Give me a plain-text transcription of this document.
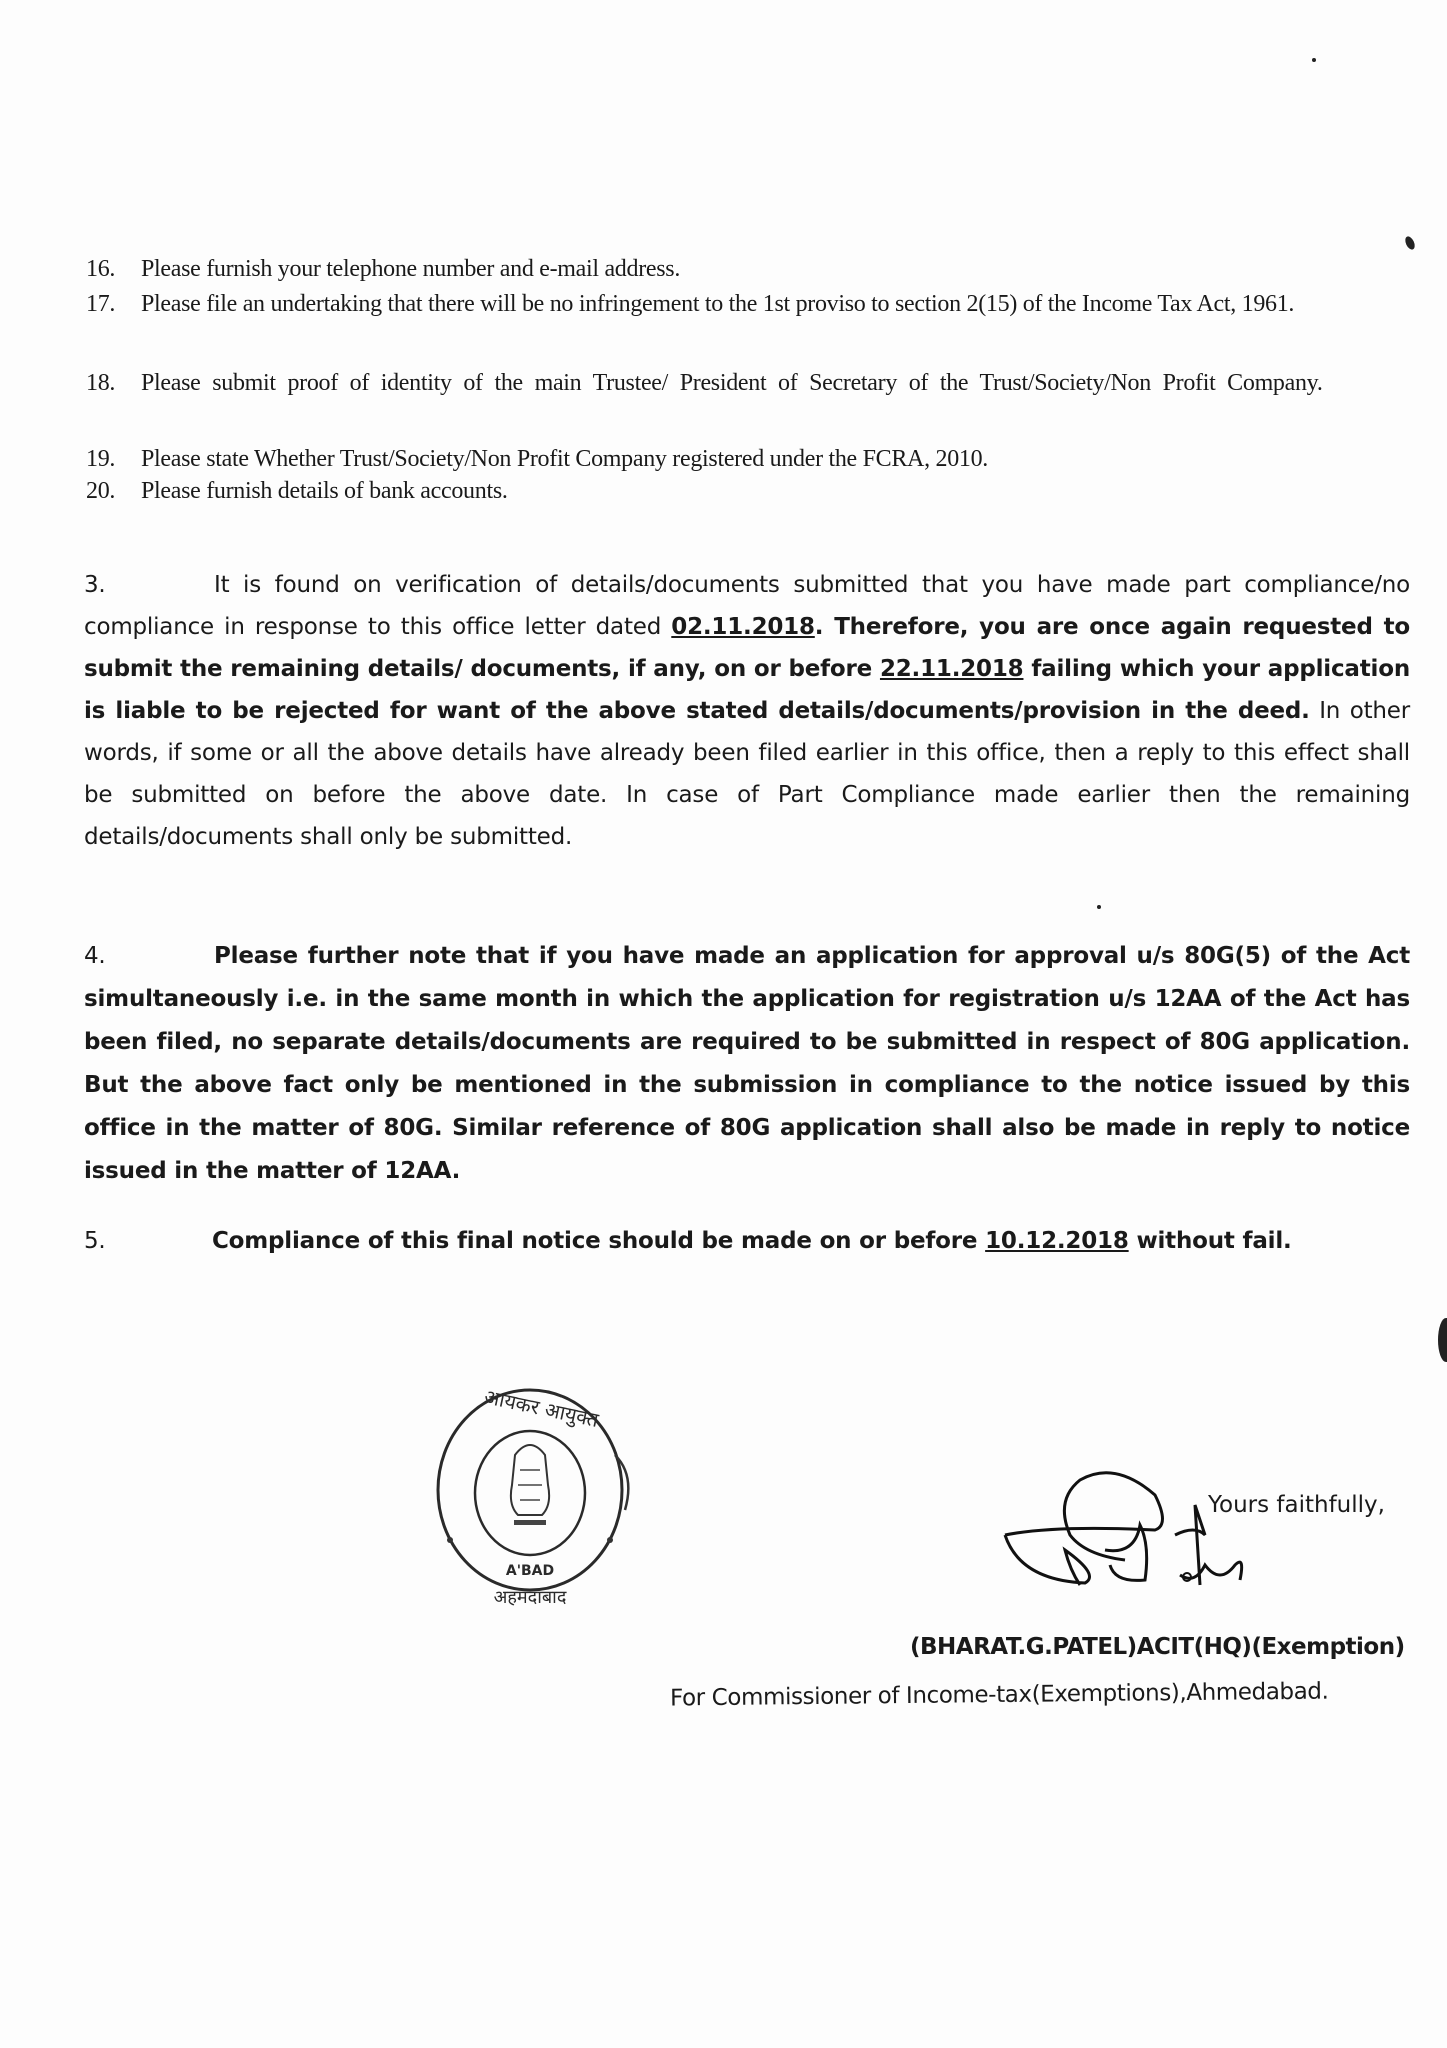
16.	Please furnish your telephone number and e-mail address.
17.	Please file an undertaking that there will be no infringement to the 1st proviso to section 2(15) of the Income Tax Act, 1961.
18.	Please submit proof of identity of the main Trustee/ President of Secretary of the Trust/Society/Non Profit Company.
19.	Please state Whether Trust/Society/Non Profit Company registered under the FCRA, 2010.
20.	Please furnish details of bank accounts.
3.	It is found on verification of details/documents submitted that you have made part compliance/no compliance in response to this office letter dated 02.11.2018. Therefore, you are once again requested to submit the remaining details/ documents, if any, on or before 22.11.2018 failing which your application is liable to be rejected for want of the above stated details/documents/provision in the deed. In other words, if some or all the above details have already been filed earlier in this office, then a reply to this effect shall be submitted on before the above date. In case of Part Compliance made earlier then the remaining details/documents shall only be submitted.
4.	Please further note that if you have made an application for approval u/s 80G(5) of the Act simultaneously i.e. in the same month in which the application for registration u/s 12AA of the Act has been filed, no separate details/documents are required to be submitted in respect of 80G application. But the above fact only be mentioned in the submission in compliance to the notice issued by this office in the matter of 80G. Similar reference of 80G application shall also be made in reply to notice issued in the matter of 12AA.
5.	Compliance of this final notice should be made on or before 10.12.2018 without fail.
A'BAD
अहमदाबाद
आयकर आयुक्त
Yours faithfully,
(BHARAT.G.PATEL)ACIT(HQ)(Exemption)
For Commissioner of Income-tax(Exemptions),Ahmedabad.
